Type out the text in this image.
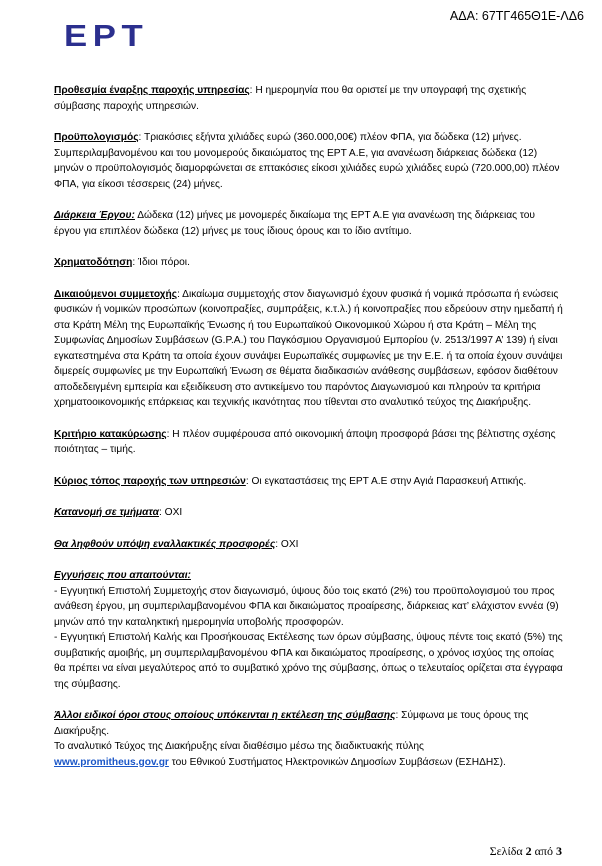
ΕΡΤ
ΑΔΑ: 67ΤΓ465Θ1Ε-ΛΔ6

Προθεσμία έναρξης παροχής υπηρεσίας: Η ημερομηνία που θα οριστεί με την υπογραφή της σχετικής σύμβασης παροχής υπηρεσιών.

Προϋπολογισμός: Τριακόσιες εξήντα χιλιάδες ευρώ (360.000,00€) πλέον ΦΠΑ, για δώδεκα (12) μήνες. Συμπεριλαμβανομένου και του μονομερούς δικαιώματος της ΕΡΤ Α.Ε, για ανανέωση διάρκειας δώδεκα (12) μηνών ο προϋπολογισμός διαμορφώνεται σε επτακόσιες είκοσι χιλιάδες ευρώ χιλιάδες ευρώ (720.000,00) πλέον ΦΠΑ, για είκοσι τέσσερεις (24) μήνες.

Διάρκεια Έργου: Δώδεκα (12) μήνες με μονομερές δικαίωμα της ΕΡΤ Α.Ε για ανανέωση της διάρκειας του έργου για επιπλέον δώδεκα (12) μήνες με τους ίδιους όρους και το ίδιο αντίτιμο.

Χρηματοδότηση: Ίδιοι πόροι.

Δικαιούμενοι συμμετοχής: Δικαίωμα συμμετοχής στον διαγωνισμό έχουν φυσικά ή νομικά πρόσωπα ή ενώσεις φυσικών ή νομικών προσώπων (κοινοπραξίες, συμπράξεις, κ.τ.λ.) ή κοινοπραξίες που εδρεύουν στην ημεδαπή ή στα Κράτη Μέλη της Ευρωπαϊκής Ένωσης ή του Ευρωπαϊκού Οικονομικού Χώρου ή στα Κράτη – Μέλη της Συμφωνίας Δημοσίων Συμβάσεων (G.P.A.) του Παγκόσμιου Οργανισμού Εμπορίου (ν. 2513/1997 Α’ 139) ή είναι εγκατεστημένα στα Κράτη τα οποία έχουν συνάψει Ευρωπαϊκές συμφωνίες με την Ε.Ε. ή τα οποία έχουν συνάψει διμερείς συμφωνίες με την Ευρωπαϊκή Ένωση σε θέματα διαδικασιών ανάθεσης συμβάσεων, εφόσον διαθέτουν αποδεδειγμένη εμπειρία και εξειδίκευση στο αντικείμενο του παρόντος Διαγωνισμού και πληρούν τα κριτήρια χρηματοοικονομικής επάρκειας και τεχνικής ικανότητας που τίθενται στο αναλυτικό τεύχος της Διακήρυξης.

Κριτήριο κατακύρωσης: Η πλέον συμφέρουσα από οικονομική άποψη προσφορά βάσει της βέλτιστης σχέσης ποιότητας – τιμής.

Κύριος τόπος παροχής των υπηρεσιών: Οι εγκαταστάσεις της ΕΡΤ Α.Ε στην Αγιά Παρασκευή Αττικής.

Κατανομή σε τμήματα: ΟΧΙ

Θα ληφθούν υπόψη εναλλακτικές προσφορές: ΟΧΙ

Εγγυήσεις που απαιτούνται:

- Εγγυητική Επιστολή Συμμετοχής στον διαγωνισμό, ύψους δύο τοις εκατό (2%) του προϋπολογισμού του προς ανάθεση έργου, μη συμπεριλαμβανομένου ΦΠΑ και δικαιώματος προαίρεσης, διάρκειας κατ’ ελάχιστον εννέα (9) μηνών από την καταληκτική ημερομηνία υποβολής προσφορών.

- Εγγυητική Επιστολή Καλής και Προσήκουσας Εκτέλεσης των όρων σύμβασης, ύψους πέντε τοις εκατό (5%) της συμβατικής αμοιβής, μη συμπεριλαμβανομένου ΦΠΑ και δικαιώματος προαίρεσης, ο χρόνος ισχύος της οποίας θα πρέπει να είναι μεγαλύτερος από το συμβατικό χρόνο της σύμβασης, όπως ο τελευταίος ορίζεται στα έγγραφα της σύμβασης.

Άλλοι ειδικοί όροι στους οποίους υπόκεινται η εκτέλεση της σύμβασης: Σύμφωνα με τους όρους της Διακήρυξης.

Το αναλυτικό Τεύχος της Διακήρυξης είναι διαθέσιμο μέσω της διαδικτυακής πύλης

www.promitheus.gov.gr του Εθνικού Συστήματος Ηλεκτρονικών Δημοσίων Συμβάσεων (ΕΣΗΔΗΣ).

Σελίδα 2 από 3
